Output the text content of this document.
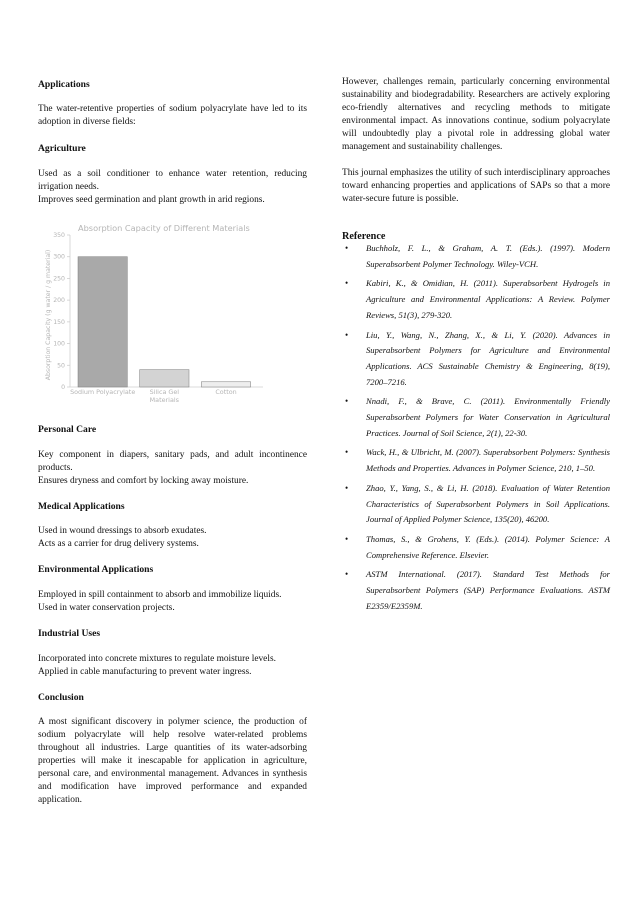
Applications

The water-retentive properties of sodium polyacrylate have led to its adoption in diverse fields:

Agriculture

Used as a soil conditioner to enhance water retention, reducing irrigation needs.

Improves seed germination and plant growth in arid regions.

Personal Care

Key component in diapers, sanitary pads, and adult incontinence products.

Ensures dryness and comfort by locking away moisture.

Medical Applications

Used in wound dressings to absorb exudates.

Acts as a carrier for drug delivery systems.

Environmental Applications

Employed in spill containment to absorb and immobilize liquids.

Used in water conservation projects.

Industrial Uses

Incorporated into concrete mixtures to regulate moisture levels.

Applied in cable manufacturing to prevent water ingress.

Conclusion

A most significant discovery in polymer science, the production of sodium polyacrylate will help resolve water-related problems throughout all industries. Large quantities of its water-adsorbing properties will make it inescapable for application in agriculture, personal care, and environmental management. Advances in synthesis and modification have improved performance and expanded application.

Absorption Capacity of Different Materials
Absorption Capacity (g water / g material)
0
50
100
150
200
250
300
350
Sodium Polyacrylate Silica Gel
Materials
Cotton

However, challenges remain, particularly concerning environmental sustainability and biodegradability. Researchers are actively exploring eco-friendly alternatives and recycling methods to mitigate environmental impact. As innovations continue, sodium polyacrylate will undoubtedly play a pivotal role in addressing global water management and sustainability challenges.

This journal emphasizes the utility of such interdisciplinary approaches toward enhancing properties and applications of SAPs so that a more water-secure future is possible.

Reference

• Buchholz, F. L., & Graham, A. T. (Eds.). (1997). Modern Superabsorbent Polymer Technology. Wiley-VCH.
• Kabiri, K., & Omidian, H. (2011). Superabsorbent Hydrogels in Agriculture and Environmental Applications: A Review. Polymer Reviews, 51(3), 279-320.
• Liu, Y., Wang, N., Zhang, X., & Li, Y. (2020). Advances in Superabsorbent Polymers for Agriculture and Environmental Applications. ACS Sustainable Chemistry & Engineering, 8(19), 7200–7216.
• Nnadi, F., & Brave, C. (2011). Environmentally Friendly Superabsorbent Polymers for Water Conservation in Agricultural Practices. Journal of Soil Science, 2(1), 22-30.
• Wack, H., & Ulbricht, M. (2007). Superabsorbent Polymers: Synthesis Methods and Properties. Advances in Polymer Science, 210, 1–50.
• Zhao, Y., Yang, S., & Li, H. (2018). Evaluation of Water Retention Characteristics of Superabsorbent Polymers in Soil Applications. Journal of Applied Polymer Science, 135(20), 46200.
• Thomas, S., & Grohens, Y. (Eds.). (2014). Polymer Science: A Comprehensive Reference. Elsevier.
• ASTM International. (2017). Standard Test Methods for Superabsorbent Polymers (SAP) Performance Evaluations. ASTM E2359/E2359M.
